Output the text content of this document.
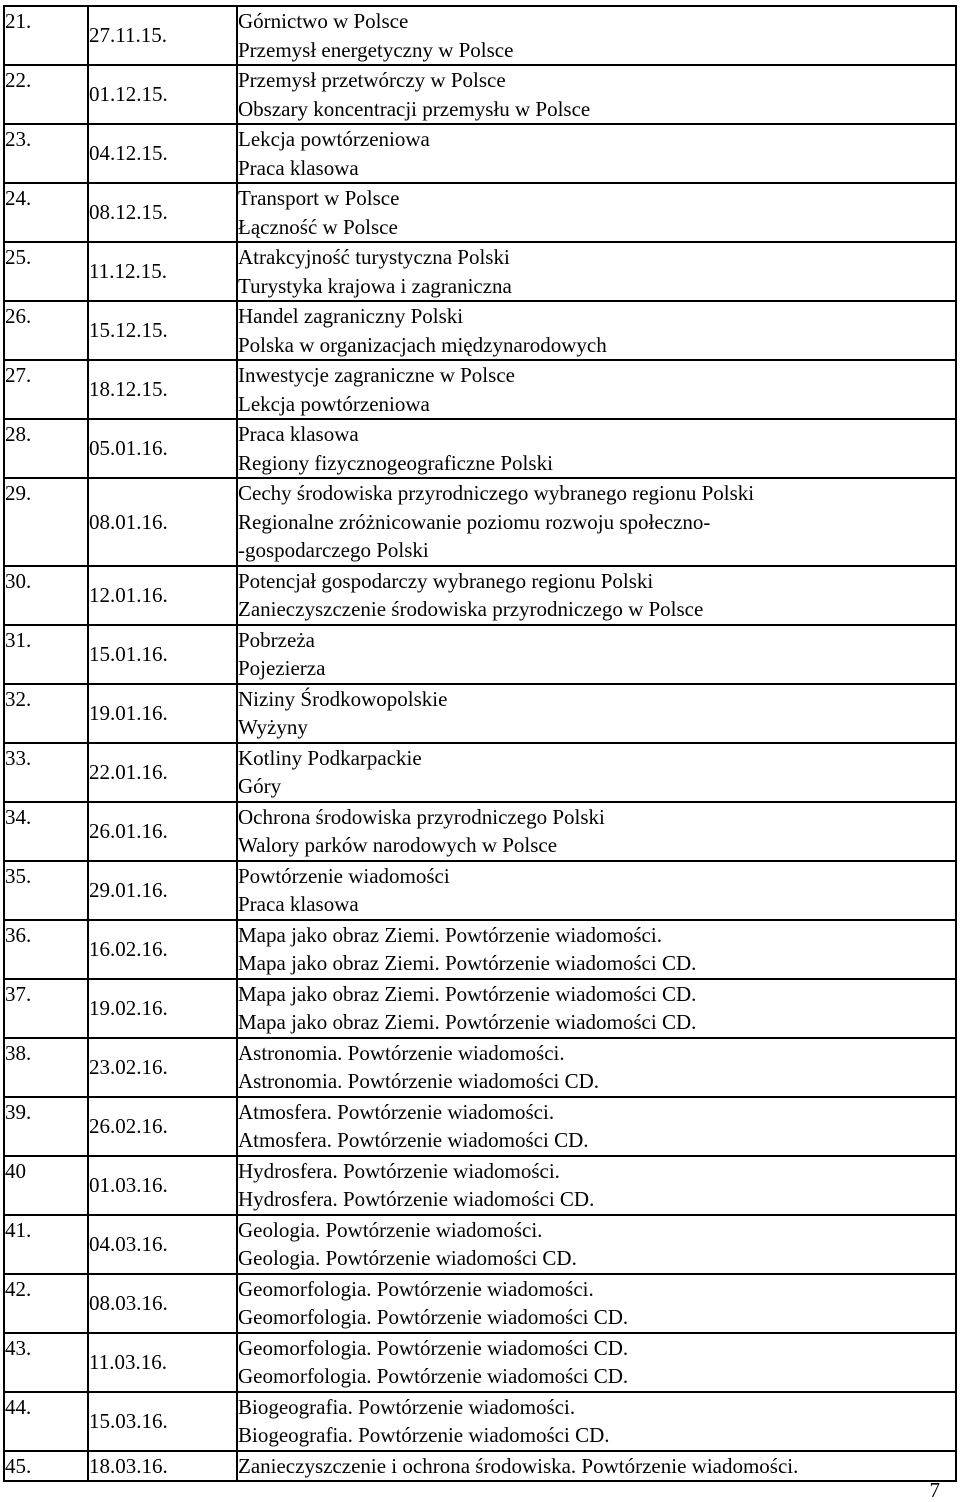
21.	27.11.15.	Górnictwo w Polsce
Przemysł energetyczny w Polsce

22.	01.12.15.	Przemysł przetwórczy w Polsce
Obszary koncentracji przemysłu w Polsce

23.	04.12.15.	Lekcja powtórzeniowa
Praca klasowa

24.	08.12.15.	Transport w Polsce
Łączność w Polsce

25.	11.12.15.	Atrakcyjność turystyczna Polski
Turystyka krajowa i zagraniczna

26.	15.12.15.	Handel zagraniczny Polski
Polska w organizacjach międzynarodowych

27.	18.12.15.	Inwestycje zagraniczne w Polsce
Lekcja powtórzeniowa

28.	05.01.16.	Praca klasowa
Regiony fizycznogeograficzne Polski

29.	08.01.16.	Cechy środowiska przyrodniczego wybranego regionu Polski
Regionalne zróżnicowanie poziomu rozwoju społeczno-
-gospodarczego Polski

30.	12.01.16.	Potencjał gospodarczy wybranego regionu Polski
Zanieczyszczenie środowiska przyrodniczego w Polsce

31.	15.01.16.	Pobrzeża
Pojezierza

32.	19.01.16.	Niziny Środkowopolskie
Wyżyny

33.	22.01.16.	Kotliny Podkarpackie
Góry

34.	26.01.16.	Ochrona środowiska przyrodniczego Polski
Walory parków narodowych w Polsce

35.	29.01.16.	Powtórzenie wiadomości
Praca klasowa

36.	16.02.16.	Mapa jako obraz Ziemi. Powtórzenie wiadomości.
Mapa jako obraz Ziemi. Powtórzenie wiadomości CD.

37.	19.02.16.	Mapa jako obraz Ziemi. Powtórzenie wiadomości CD.
Mapa jako obraz Ziemi. Powtórzenie wiadomości CD.

38.	23.02.16.	Astronomia. Powtórzenie wiadomości.
Astronomia. Powtórzenie wiadomości CD.

39.	26.02.16.	Atmosfera. Powtórzenie wiadomości.
Atmosfera. Powtórzenie wiadomości CD.

40	01.03.16.	Hydrosfera. Powtórzenie wiadomości.
Hydrosfera. Powtórzenie wiadomości CD.

41.	04.03.16.	Geologia. Powtórzenie wiadomości.
Geologia. Powtórzenie wiadomości CD.

42.	08.03.16.	Geomorfologia. Powtórzenie wiadomości.
Geomorfologia. Powtórzenie wiadomości CD.

43.	11.03.16.	Geomorfologia. Powtórzenie wiadomości CD.
Geomorfologia. Powtórzenie wiadomości CD.

44.	15.03.16.	Biogeografia. Powtórzenie wiadomości.
Biogeografia. Powtórzenie wiadomości CD.

45.	18.03.16.	Zanieczyszczenie i ochrona środowiska. Powtórzenie wiadomości.
7
